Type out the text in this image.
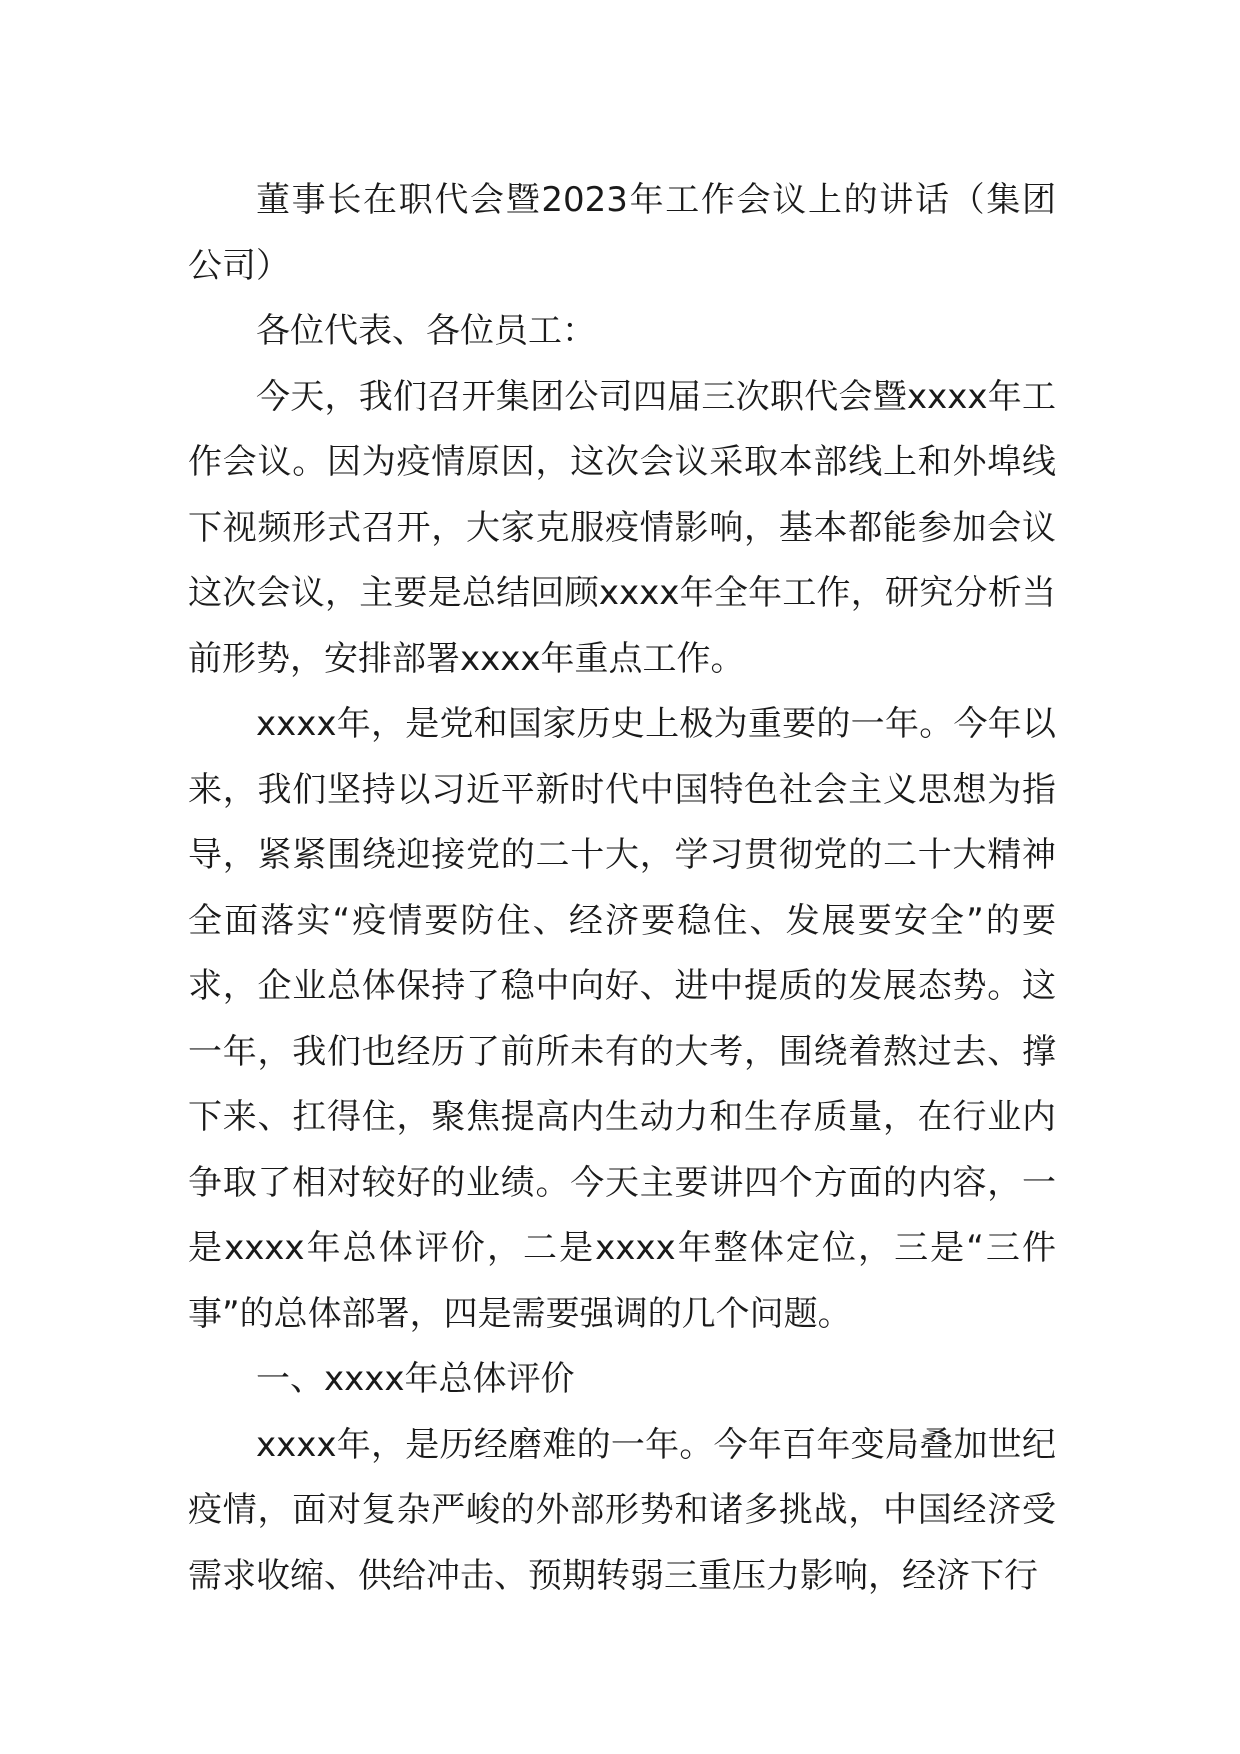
董事长在职代会暨2023年工作会议上的讲话（集团公司）

各位代表、各位员工：

今天，我们召开集团公司四届三次职代会暨xxxx年工作会议。因为疫情原因，这次会议采取本部线上和外埠线下视频形式召开，大家克服疫情影响，基本都能参加会议这次会议，主要是总结回顾xxxx年全年工作，研究分析当前形势，安排部署xxxx年重点工作。

xxxx年，是党和国家历史上极为重要的一年。今年以来，我们坚持以习近平新时代中国特色社会主义思想为指导，紧紧围绕迎接党的二十大，学习贯彻党的二十大精神全面落实“疫情要防住、经济要稳住、发展要安全”的要求，企业总体保持了稳中向好、进中提质的发展态势。这一年，我们也经历了前所未有的大考，围绕着熬过去、撑下来、扛得住，聚焦提高内生动力和生存质量，在行业内争取了相对较好的业绩。今天主要讲四个方面的内容，一是xxxx年总体评价，二是xxxx年整体定位，三是“三件事”的总体部署，四是需要强调的几个问题。

一、xxxx年总体评价

xxxx年，是历经磨难的一年。今年百年变局叠加世纪疫情，面对复杂严峻的外部形势和诸多挑战，中国经济受需求收缩、供给冲击、预期转弱三重压力影响，经济下行
